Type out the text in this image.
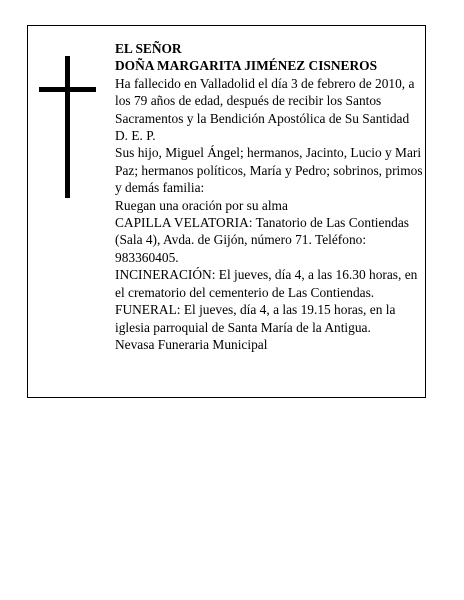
EL SEÑOR

DOÑA MARGARITA JIMÉNEZ CISNEROS

Ha fallecido en Valladolid el día 3 de febrero de 2010, a los 79 años de edad, después de recibir los Santos Sacramentos y la Bendición Apostólica de Su Santidad D. E. P.

Sus hijo, Miguel Ángel; hermanos, Jacinto, Lucio y Mari Paz; hermanos políticos, María y Pedro; sobrinos, primos y demás familia:

Ruegan una oración por su alma

CAPILLA VELATORIA: Tanatorio de Las Contiendas (Sala 4), Avda. de Gijón, número 71. Teléfono: 983360405.

INCINERACIÓN: El jueves, día 4, a las 16.30 horas, en el crematorio del cementerio de Las Contiendas.

FUNERAL: El jueves, día 4, a las 19.15 horas, en la iglesia parroquial de Santa María de la Antigua.

Nevasa Funeraria Municipal
